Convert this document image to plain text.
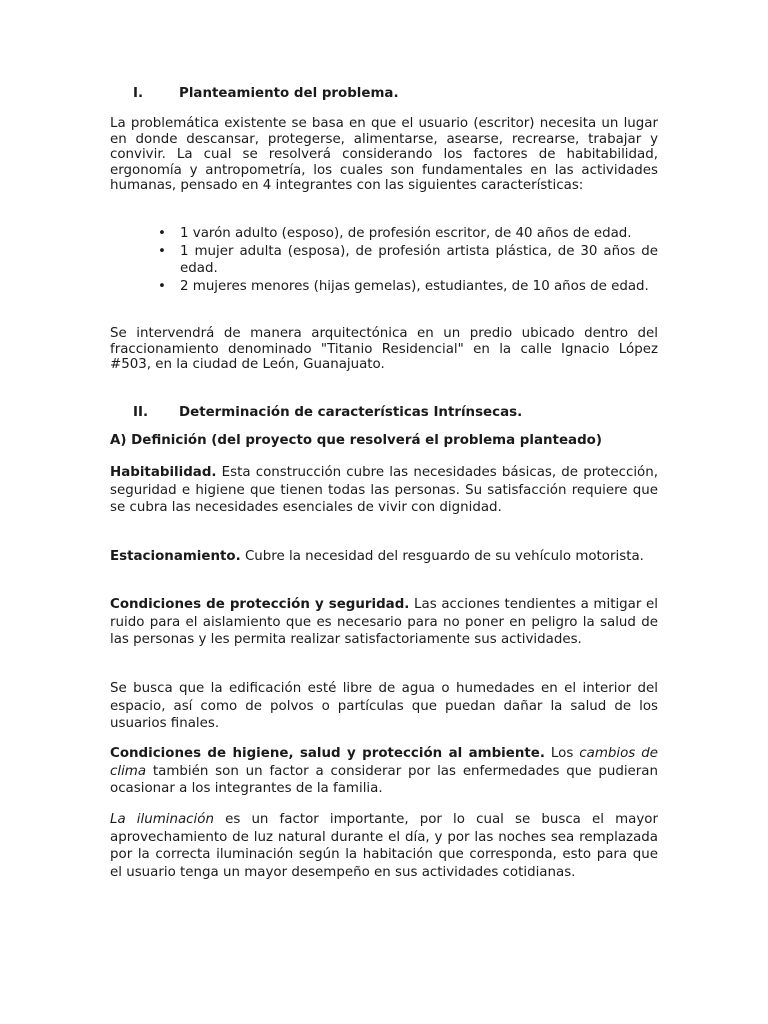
I.	Planteamiento del problema.

La problemática existente se basa en que el usuario (escritor) necesita un lugar en donde descansar, protegerse, alimentarse, asearse, recrearse, trabajar y convivir. La cual se resolverá considerando los factores de habitabilidad, ergonomía y antropometría, los cuales son fundamentales en las actividades humanas, pensado en 4 integrantes con las siguientes características:

• 1 varón adulto (esposo), de profesión escritor, de 40 años de edad.
• 1 mujer adulta (esposa), de profesión artista plástica, de 30 años de edad.
• 2 mujeres menores (hijas gemelas), estudiantes, de 10 años de edad.

Se intervendrá de manera arquitectónica en un predio ubicado dentro del fraccionamiento denominado "Titanio Residencial" en la calle Ignacio López #503, en la ciudad de León, Guanajuato.

II. Determinación de características Intrínsecas.

A) Definición (del proyecto que resolverá el problema planteado)

Habitabilidad. Esta construcción cubre las necesidades básicas, de protección, seguridad e higiene que tienen todas las personas. Su satisfacción requiere que se cubra las necesidades esenciales de vivir con dignidad.

Estacionamiento. Cubre la necesidad del resguardo de su vehículo motorista.

Condiciones de protección y seguridad. Las acciones tendientes a mitigar el ruido para el aislamiento que es necesario para no poner en peligro la salud de las personas y les permita realizar satisfactoriamente sus actividades.

Se busca que la edificación esté libre de agua o humedades en el interior del espacio, así como de polvos o partículas que puedan dañar la salud de los usuarios finales.

Condiciones de higiene, salud y protección al ambiente. Los cambios de clima también son un factor a considerar por las enfermedades que pudieran ocasionar a los integrantes de la familia.

La iluminación es un factor importante, por lo cual se busca el mayor aprovechamiento de luz natural durante el día, y por las noches sea remplazada por la correcta iluminación según la habitación que corresponda, esto para que el usuario tenga un mayor desempeño en sus actividades cotidianas.
